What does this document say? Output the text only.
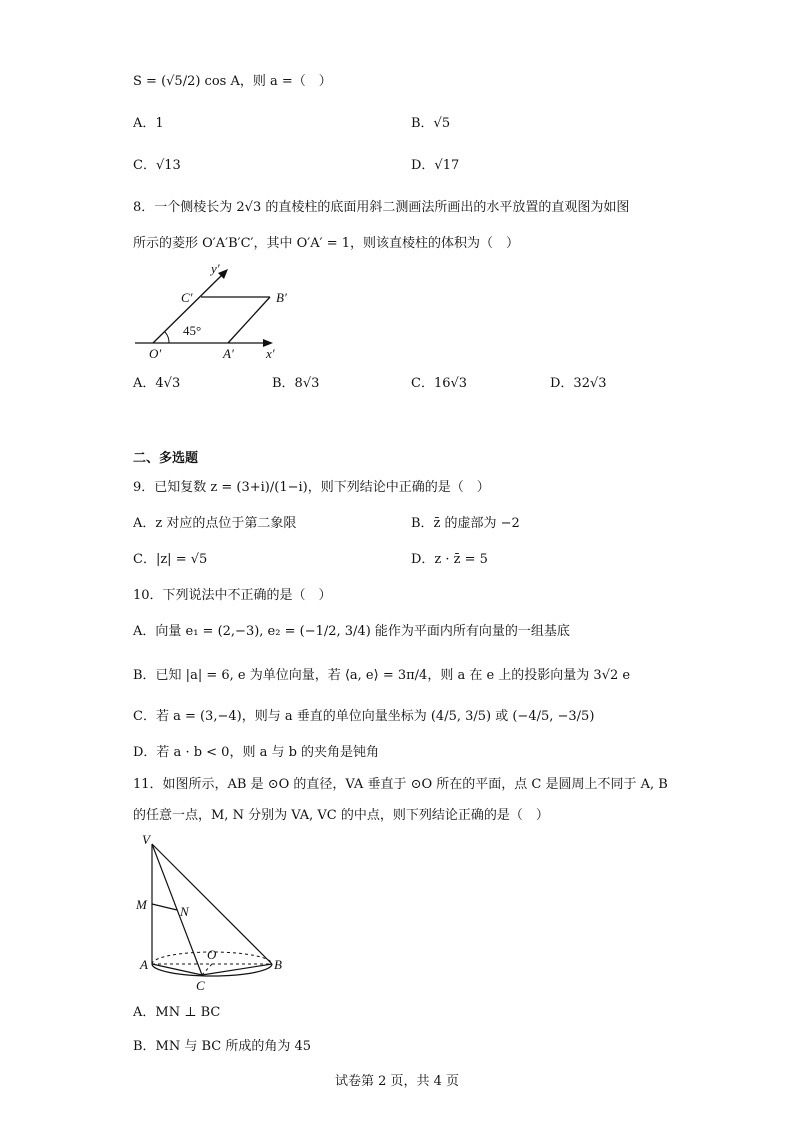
S = (√5/2) cos A，则 a =（　）
A．1	B．√5
C．√13	D．√17
8．一个侧棱长为 2√3 的直棱柱的底面用斜二测画法所画出的水平放置的直观图为如图
所示的菱形 O′A′B′C′，其中 O′A′ = 1，则该直棱柱的体积为（　）
y′
C′	B′
45°
O′	A′ x′
A．4√3	B．8√3	C．16√3	D．32√3
二、多选题
9．已知复数 z = (3+i)/(1−i)，则下列结论中正确的是（　）
A．z 对应的点位于第二象限	B．z̄ 的虚部为 −2
C．|z| = √5	D．z · z̄ = 5
10．下列说法中不正确的是（　）
A．向量 e₁ = (2,−3), e₂ = (−1/2, 3/4) 能作为平面内所有向量的一组基底
B．已知 |a| = 6, e 为单位向量，若 ⟨a, e⟩ = 3π/4，则 a 在 e 上的投影向量为 3√2 e
C．若 a = (3,−4)，则与 a 垂直的单位向量坐标为 (4/5, 3/5) 或 (−4/5, −3/5)
D．若 a · b < 0，则 a 与 b 的夹角是钝角
11．如图所示，AB 是 ⊙O 的直径，VA 垂直于 ⊙O 所在的平面，点 C 是圆周上不同于 A, B
的任意一点，M, N 分别为 VA, VC 的中点，则下列结论正确的是（　）
V
M	N
A
O
B
C
A．MN ⊥ BC
B．MN 与 BC 所成的角为 45
试卷第 2 页，共 4 页
